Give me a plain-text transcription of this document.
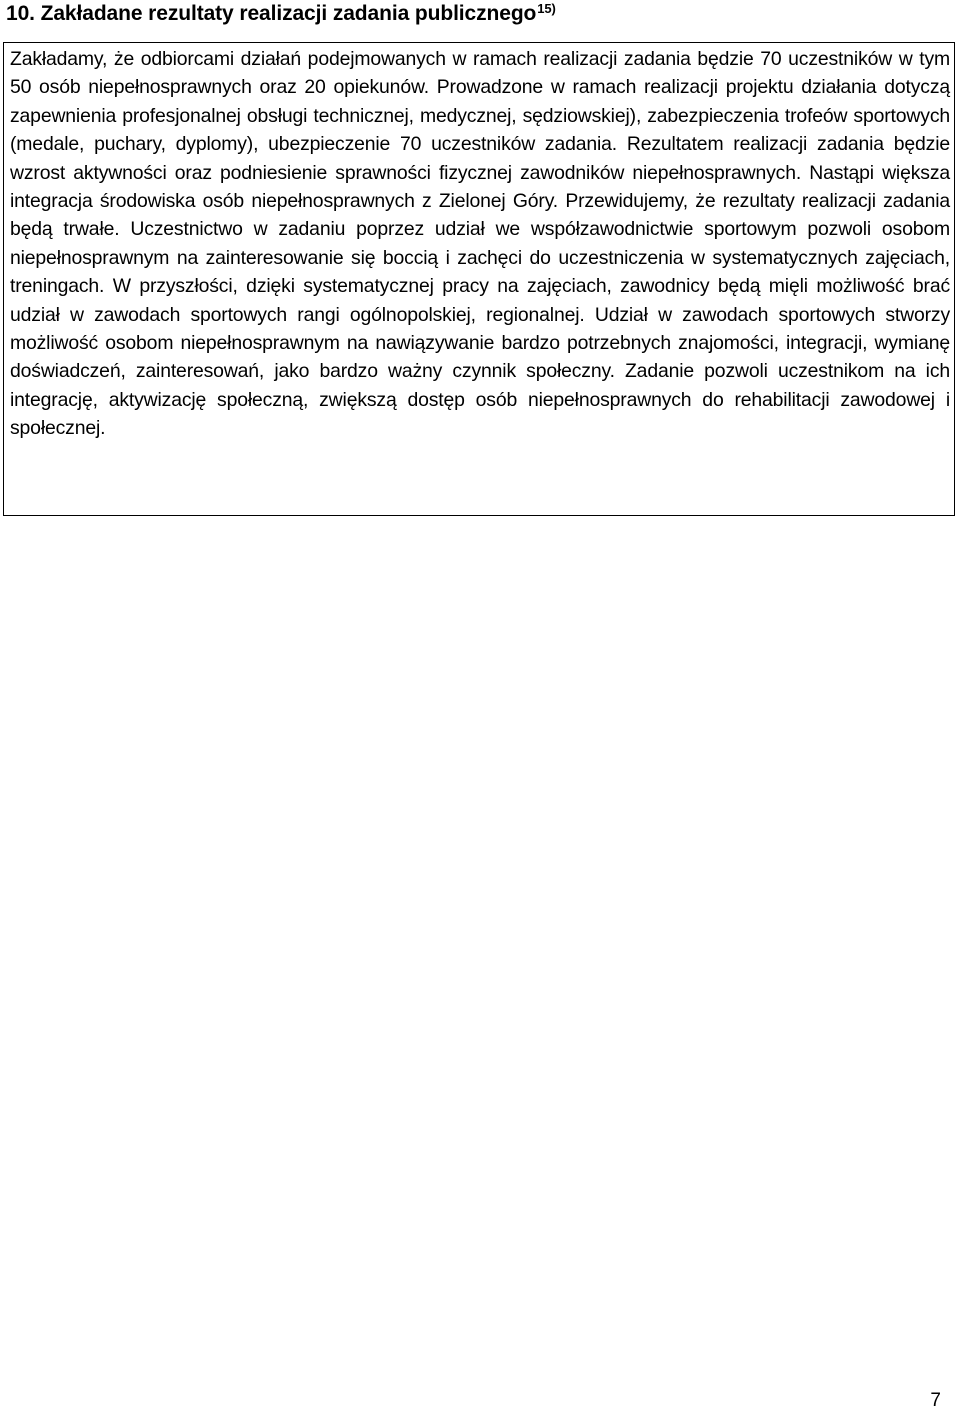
10. Zakładane rezultaty realizacji zadania publicznego$^{15)}$

Zakładamy, że odbiorcami działań podejmowanych w ramach realizacji zadania będzie 70 uczestników w tym 50 osób niepełnosprawnych oraz 20 opiekunów. Prowadzone w ramach realizacji projektu działania dotyczą zapewnienia profesjonalnej obsługi technicznej, medycznej, sędziowskiej), zabezpieczenia trofeów sportowych (medale, puchary, dyplomy), ubezpieczenie 70 uczestników zadania. Rezultatem realizacji zadania będzie wzrost aktywności oraz podniesienie sprawności fizycznej zawodników niepełnosprawnych. Nastąpi większa integracja środowiska osób niepełnosprawnych z Zielonej Góry. Przewidujemy, że rezultaty realizacji zadania będą trwałe. Uczestnictwo w zadaniu poprzez udział we współzawodnictwie sportowym pozwoli osobom niepełnosprawnym na zainteresowanie się boccią i zachęci do uczestniczenia w systematycznych zajęciach, treningach. W przyszłości, dzięki systematycznej pracy na zajęciach, zawodnicy będą mięli możliwość brać udział w zawodach sportowych rangi ogólnopolskiej, regionalnej. Udział w zawodach sportowych stworzy możliwość osobom niepełnosprawnym na nawiązywanie bardzo potrzebnych znajomości, integracji, wymianę doświadczeń, zainteresowań, jako bardzo ważny czynnik społeczny. Zadanie pozwoli uczestnikom na ich integrację, aktywizację społeczną, zwiększą dostęp osób niepełnosprawnych do rehabilitacji zawodowej i społecznej.

7
